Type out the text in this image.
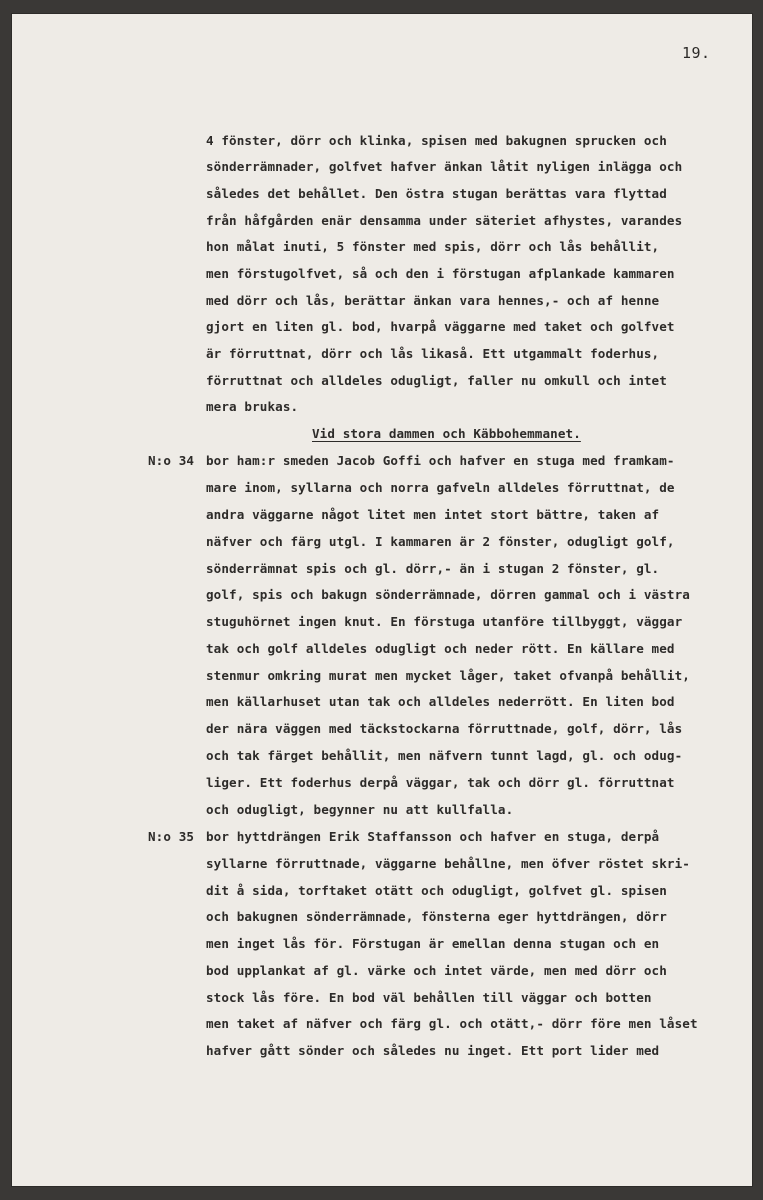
19.
4 fönster, dörr och klinka, spisen med bakugnen sprucken och
sönderrämnader, golfvet hafver änkan låtit nyligen inlägga och
således det behållet. Den östra stugan berättas vara flyttad
från håfgården enär densamma under säteriet afhystes, varandes
hon målat inuti, 5 fönster med spis, dörr och lås behållit,
men förstugolfvet, så och den i förstugan afplankade kammaren
med dörr och lås, berättar änkan vara hennes,- och af henne
gjort en liten gl. bod, hvarpå väggarne med taket och golfvet
är förruttnat, dörr och lås likaså. Ett utgammalt foderhus,
förruttnat och alldeles odugligt, faller nu omkull och intet
mera brukas.
Vid stora dammen och Käbbohemmanet.
N:o 34 bor ham:r smeden Jacob Goffi och hafver en stuga med framkam-
mare inom, syllarna och norra gafveln alldeles förruttnat, de
andra väggarne något litet men intet stort bättre, taken af
näfver och färg utgl. I kammaren är 2 fönster, odugligt golf,
sönderrämnat spis och gl. dörr,- än i stugan 2 fönster, gl.
golf, spis och bakugn sönderrämnade, dörren gammal och i västra
stuguhörnet ingen knut. En förstuga utanföre tillbyggt, väggar
tak och golf alldeles odugligt och neder rött. En källare med
stenmur omkring murat men mycket låger, taket ofvanpå behållit,
men källarhuset utan tak och alldeles nederrött. En liten bod
der nära väggen med täckstockarna förruttnade, golf, dörr, lås
och tak färget behållit, men näfvern tunnt lagd, gl. och odug-
liger. Ett foderhus derpå väggar, tak och dörr gl. förruttnat
och odugligt, begynner nu att kullfalla.
N:o 35 bor hyttdrängen Erik Staffansson och hafver en stuga, derpå
syllarne förruttnade, väggarne behållne, men öfver röstet skri-
dit å sida, torftaket otätt och odugligt, golfvet gl. spisen
och bakugnen sönderrämnade, fönsterna eger hyttdrängen, dörr
men inget lås för. Förstugan är emellan denna stugan och en
bod upplankat af gl. värke och intet värde, men med dörr och
stock lås före. En bod väl behållen till väggar och botten
men taket af näfver och färg gl. och otätt,- dörr före men låset
hafver gått sönder och således nu inget. Ett port lider med
